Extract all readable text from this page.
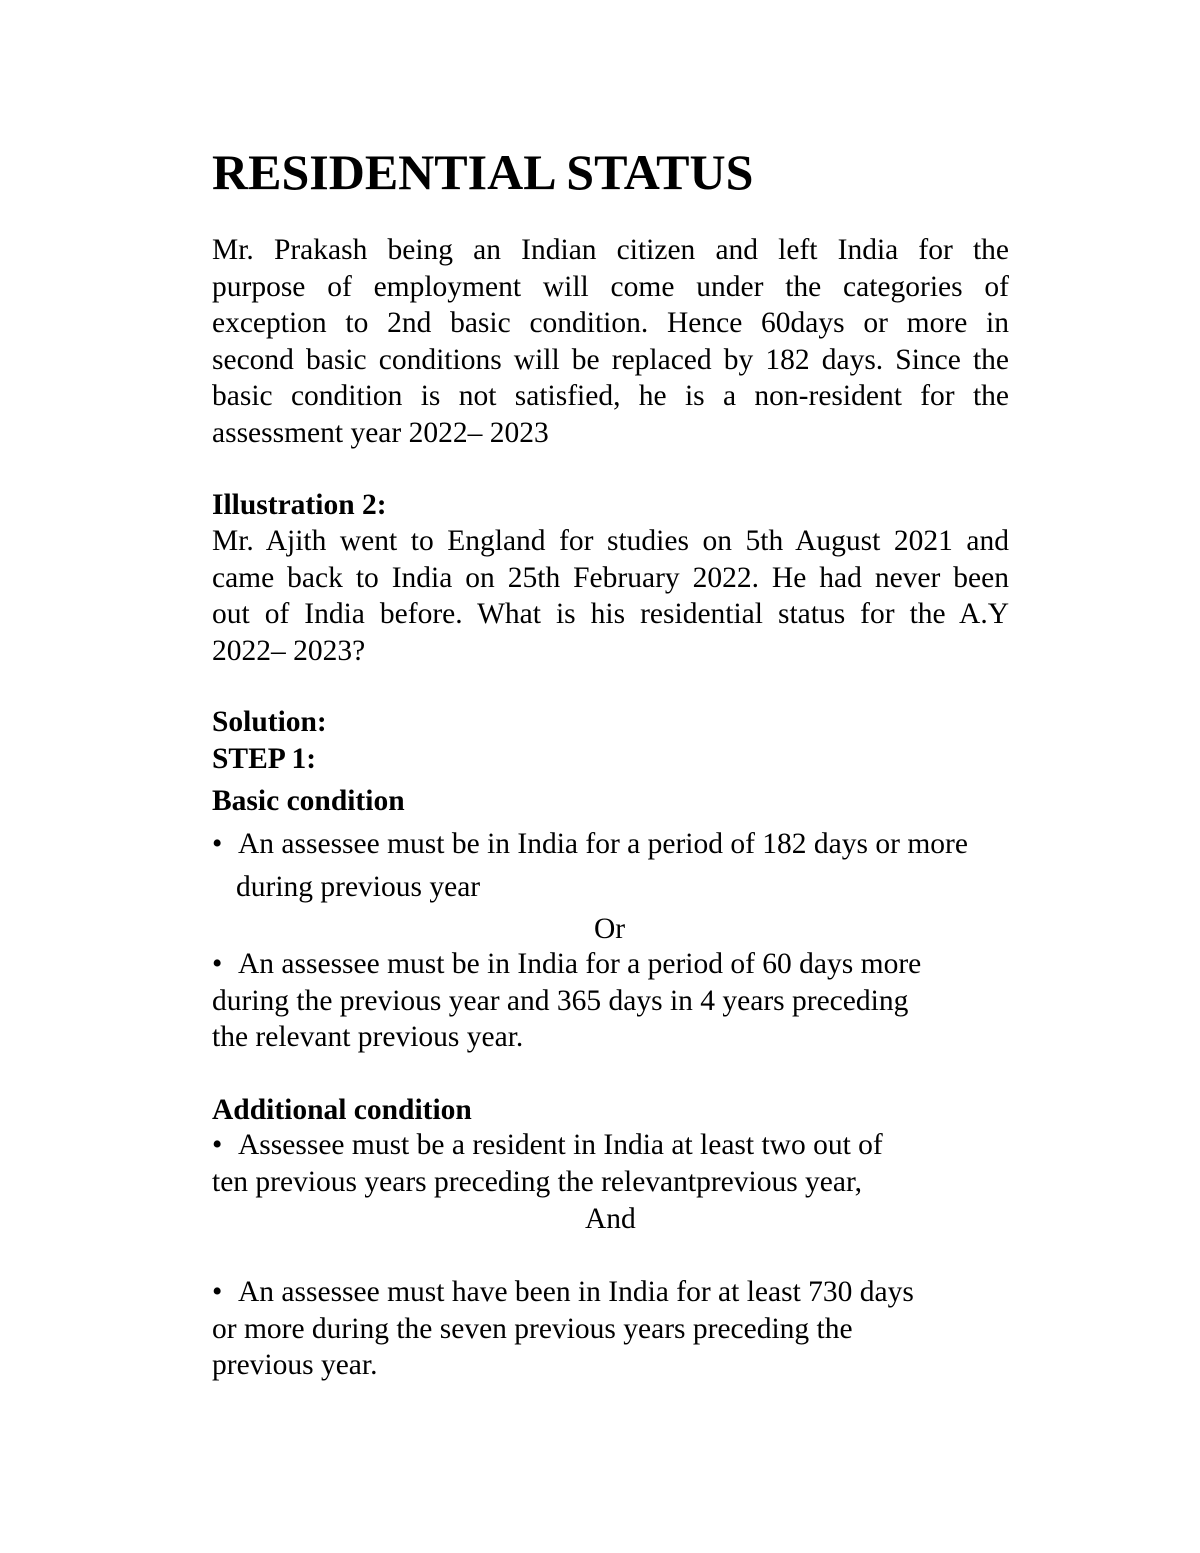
RESIDENTIAL STATUS
Mr. Prakash being an Indian citizen and left India for the
purpose of employment will come under the categories of
exception to 2nd basic condition. Hence 60days or more in
second basic conditions will be replaced by 182 days. Since the
basic condition is not satisfied, he is a non-resident for the
assessment year 2022– 2023
Illustration 2:
Mr. Ajith went to England for studies on 5th August 2021 and
came back to India on 25th February 2022. He had never been
out of India before. What is his residential status for the A.Y
2022– 2023?
Solution:
STEP 1:
Basic condition
• An assessee must be in India for a period of 182 days or more
during previous year
Or
• An assessee must be in India for a period of 60 days more
during the previous year and 365 days in 4 years preceding
the relevant previous year.
Additional condition
• Assessee must be a resident in India at least two out of
ten previous years preceding the relevantprevious year,
And
• An assessee must have been in India for at least 730 days
or more during the seven previous years preceding the
previous year.
